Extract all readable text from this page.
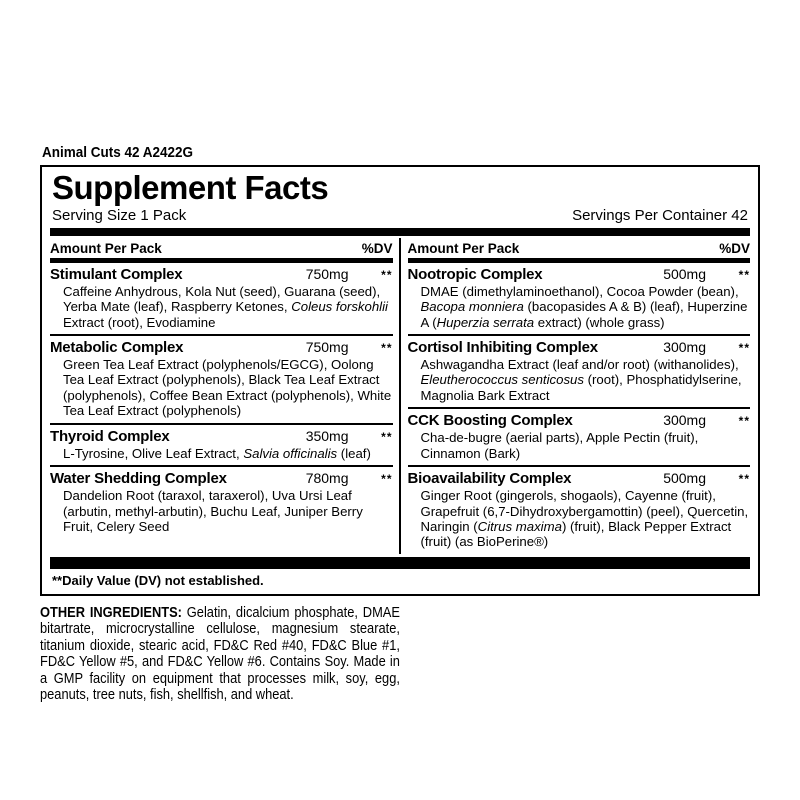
Animal Cuts 42 A2422G
Supplement Facts
Serving Size 1 Pack	Servings Per Container 42
Amount Per Pack	%DV
Stimulant Complex	750mg	**
Caffeine Anhydrous, Kola Nut (seed), Guarana (seed), Yerba Mate (leaf), Raspberry Ketones, Coleus forskohlii Extract (root), Evodiamine
Metabolic Complex	750mg	**
Green Tea Leaf Extract (polyphenols/EGCG), Oolong Tea Leaf Extract (polyphenols), Black Tea Leaf Extract (polyphenols), Coffee Bean Extract (polyphenols), White Tea Leaf Extract (polyphenols)
Thyroid Complex	350mg	**
L-Tyrosine, Olive Leaf Extract, Salvia officinalis (leaf)
Water Shedding Complex	780mg	**
Dandelion Root (taraxol, taraxerol), Uva Ursi Leaf (arbutin, methyl-arbutin), Buchu Leaf, Juniper Berry Fruit, Celery Seed
Amount Per Pack	%DV
Nootropic Complex	500mg	**
DMAE (dimethylaminoethanol), Cocoa Powder (bean), Bacopa monniera (bacopasides A & B) (leaf), Huperzine A (Huperzia serrata extract) (whole grass)
Cortisol Inhibiting Complex	300mg	**
Ashwagandha Extract (leaf and/or root) (withanolides), Eleutherococcus senticosus (root), Phosphatidylserine, Magnolia Bark Extract
CCK Boosting Complex	300mg	**
Cha-de-bugre (aerial parts), Apple Pectin (fruit), Cinnamon (Bark)
Bioavailability Complex	500mg	**
Ginger Root (gingerols, shogaols), Cayenne (fruit), Grapefruit (6,7-Dihydroxybergamottin) (peel), Quercetin, Naringin (Citrus maxima) (fruit), Black Pepper Extract (fruit) (as BioPerine®)
**Daily Value (DV) not established.
OTHER INGREDIENTS: Gelatin, dicalcium phosphate, DMAE bitartrate, microcrystalline cellulose, magnesium stearate, titanium dioxide, stearic acid, FD&C Red #40, FD&C Blue #1, FD&C Yellow #5, and FD&C Yellow #6. Contains Soy. Made in a GMP facility on equipment that processes milk, soy, egg, peanuts, tree nuts, fish, shellfish, and wheat.
